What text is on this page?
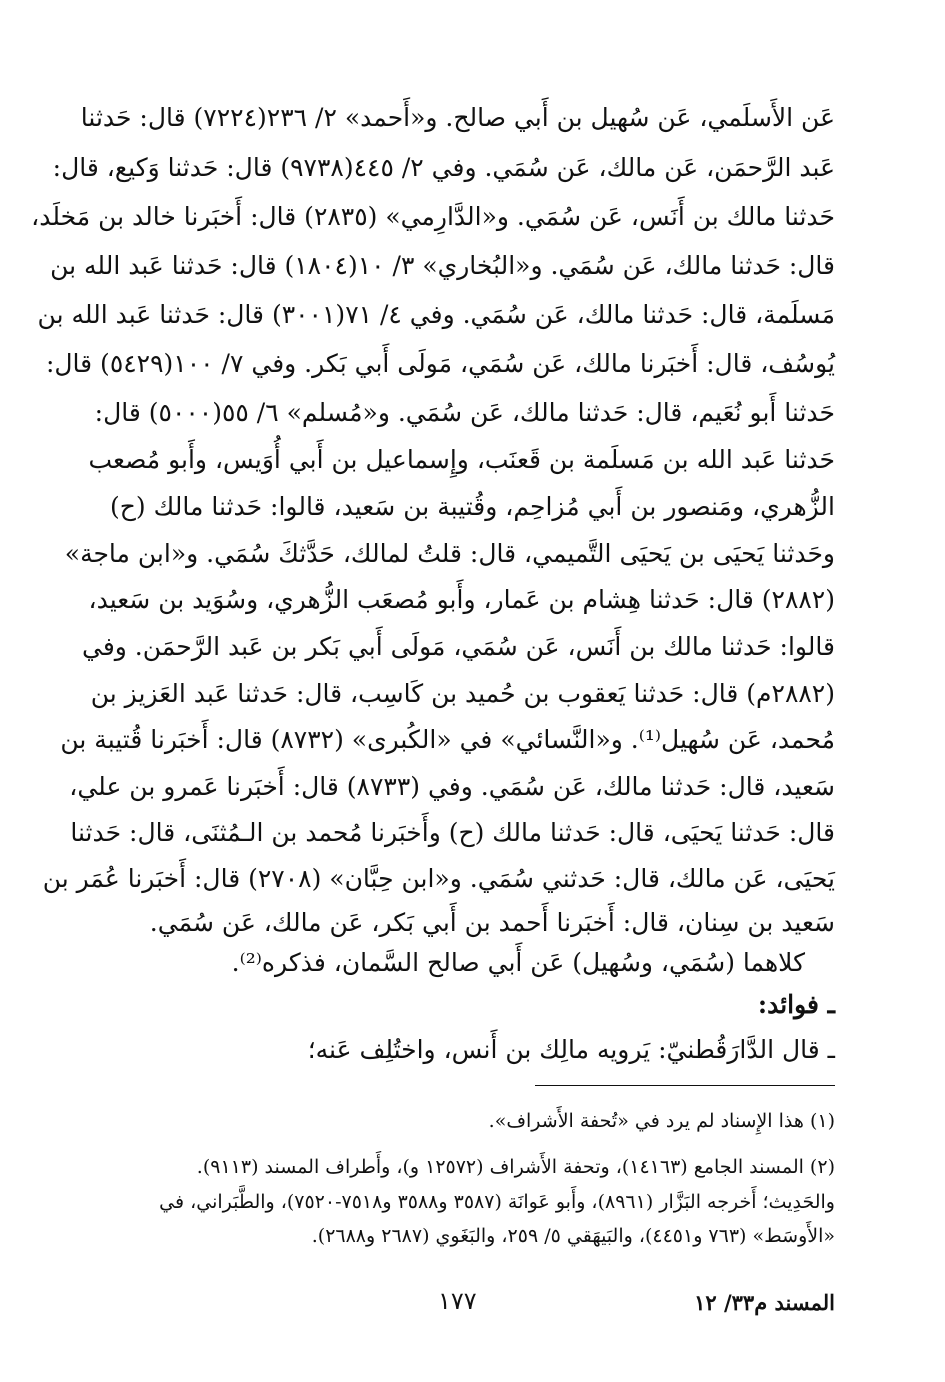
عَن الأَسلَمي، عَن سُهيل بن أَبي صالح. و«أَحمد» ٢/ ٢٣٦(٧٢٢٤) قال: حَدثنا
عَبد الرَّحمَن، عَن مالك، عَن سُمَي. وفي ٢/ ٤٤٥(٩٧٣٨) قال: حَدثنا وَكيع، قال:
حَدثنا مالك بن أَنَس، عَن سُمَي. و«الدَّارِمي» (٢٨٣٥) قال: أَخبَرنا خالد بن مَخلَد،
قال: حَدثنا مالك، عَن سُمَي. و«البُخاري» ٣/ ١٠(١٨٠٤) قال: حَدثنا عَبد الله بن
مَسلَمة، قال: حَدثنا مالك، عَن سُمَي. وفي ٤/ ٧١(٣٠٠١) قال: حَدثنا عَبد الله بن
يُوسُف، قال: أَخبَرنا مالك، عَن سُمَي، مَولَى أَبي بَكر. وفي ٧/ ١٠٠(٥٤٢٩) قال:
حَدثنا أَبو نُعَيم، قال: حَدثنا مالك، عَن سُمَي. و«مُسلم» ٦/ ٥٥(٥٠٠٠) قال:
حَدثنا عَبد الله بن مَسلَمة بن قَعنَب، وإِسماعيل بن أَبي أُوَيس، وأَبو مُصعب
الزُّهري، ومَنصور بن أَبي مُزاحِم، وقُتيبة بن سَعيد، قالوا: حَدثنا مالك (ح)
وحَدثنا يَحيَى بن يَحيَى التَّميمي، قال: قلتُ لمالك، حَدَّثكَ سُمَي. و«ابن ماجة»
(٢٨٨٢) قال: حَدثنا هِشام بن عَمار، وأَبو مُصعَب الزُّهري، وسُوَيد بن سَعيد،
قالوا: حَدثنا مالك بن أَنَس، عَن سُمَي، مَولَى أَبي بَكر بن عَبد الرَّحمَن. وفي
(٢٨٨٢م) قال: حَدثنا يَعقوب بن حُميد بن كَاسِب، قال: حَدثنا عَبد العَزيز بن
مُحمد، عَن سُهيل⁽¹⁾. و«النَّسائي» في «الكُبرى» (٨٧٣٢) قال: أَخبَرنا قُتيبة بن
سَعيد، قال: حَدثنا مالك، عَن سُمَي. وفي (٨٧٣٣) قال: أَخبَرنا عَمرو بن علي،
قال: حَدثنا يَحيَى، قال: حَدثنا مالك (ح) وأَخبَرنا مُحمد بن الـمُثنَى، قال: حَدثنا
يَحيَى، عَن مالك، قال: حَدثني سُمَي. و«ابن حِبَّان» (٢٧٠٨) قال: أَخبَرنا عُمَر بن
سَعيد بن سِنان، قال: أَخبَرنا أَحمد بن أَبي بَكر، عَن مالك، عَن سُمَي.
كلاهما (سُمَي، وسُهيل) عَن أَبي صالح السَّمان، فذكره⁽²⁾.
ـ فوائد:
ـ قال الدَّارَقُطنيّ: يَرويه مالِك بن أَنس، واختُلِف عَنه؛
(١) هذا الإِسناد لم يرد في «تُحفة الأَشراف».
(٢) المسند الجامع (١٤١٦٣)، وتحفة الأَشراف (١٢٥٧٢ و)، وأَطراف المسند (٩١١٣).
والحَدِيث؛ أَخرجه البَزَّار (٨٩٦١)، وأَبو عَوانَة (٣٥٨٧ و٣٥٨٨ و٧٥١٨-٧٥٢٠)، والطَّبَراني، في
«الأَوسَط» (٧٦٣ و٤٤٥١)، والبَيهَقي ٥/ ٢٥٩، والبَغَوي (٢٦٨٧ و٢٦٨٨).
١٧٧	المسند م٣٣/ ١٢
